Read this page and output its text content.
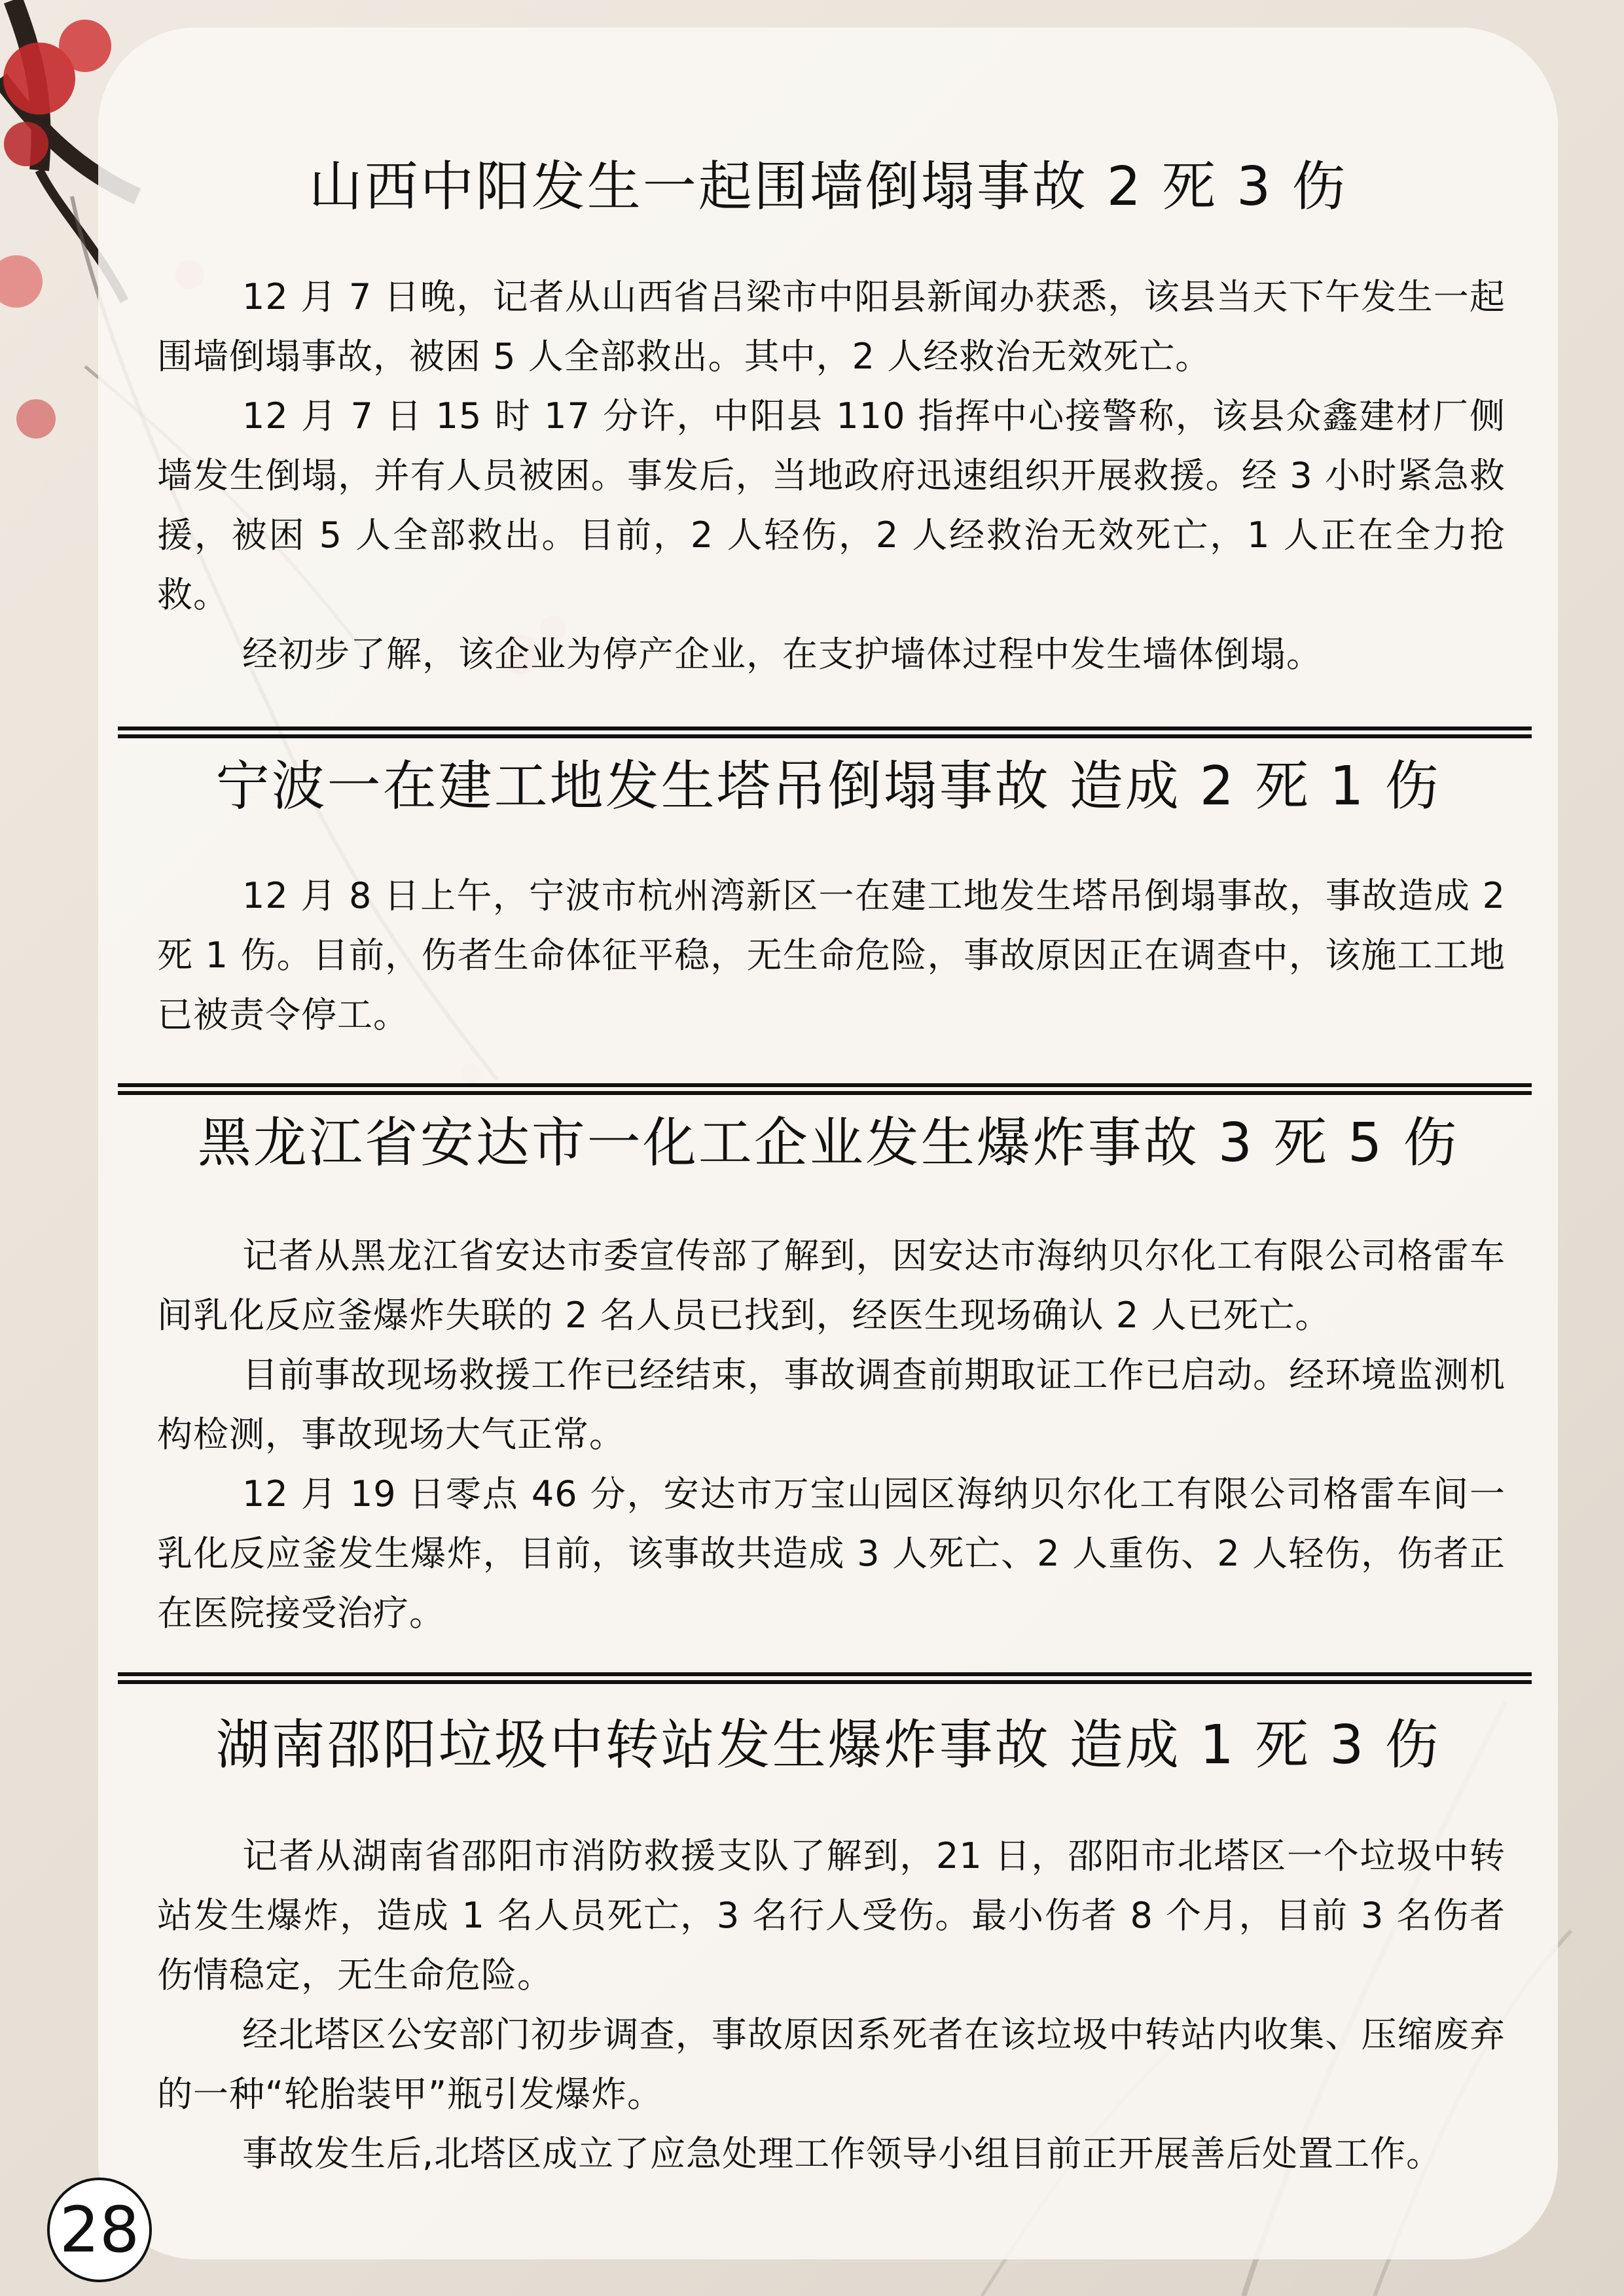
山西中阳发生一起围墙倒塌事故 2 死 3 伤

12 月 7 日晚，记者从山西省吕梁市中阳县新闻办获悉，该县当天下午发生一起围墙倒塌事故，被困 5 人全部救出。其中，2 人经救治无效死亡。

12 月 7 日 15 时 17 分许，中阳县 110 指挥中心接警称，该县众鑫建材厂侧墙发生倒塌，并有人员被困。事发后，当地政府迅速组织开展救援。经 3 小时紧急救援，被困 5 人全部救出。目前，2 人轻伤，2 人经救治无效死亡，1 人正在全力抢救。

经初步了解，该企业为停产企业，在支护墙体过程中发生墙体倒塌。

宁波一在建工地发生塔吊倒塌事故 造成 2 死 1 伤

12 月 8 日上午，宁波市杭州湾新区一在建工地发生塔吊倒塌事故，事故造成 2 死 1 伤。目前，伤者生命体征平稳，无生命危险，事故原因正在调查中，该施工工地已被责令停工。

黑龙江省安达市一化工企业发生爆炸事故 3 死 5 伤

记者从黑龙江省安达市委宣传部了解到，因安达市海纳贝尔化工有限公司格雷车间乳化反应釜爆炸失联的 2 名人员已找到，经医生现场确认 2 人已死亡。

目前事故现场救援工作已经结束，事故调查前期取证工作已启动。经环境监测机构检测，事故现场大气正常。

12 月 19 日零点 46 分，安达市万宝山园区海纳贝尔化工有限公司格雷车间一乳化反应釜发生爆炸，目前，该事故共造成 3 人死亡、2 人重伤、2 人轻伤，伤者正在医院接受治疗。

湖南邵阳垃圾中转站发生爆炸事故 造成 1 死 3 伤

记者从湖南省邵阳市消防救援支队了解到，21 日，邵阳市北塔区一个垃圾中转站发生爆炸，造成 1 名人员死亡，3 名行人受伤。最小伤者 8 个月，目前 3 名伤者伤情稳定，无生命危险。

经北塔区公安部门初步调查，事故原因系死者在该垃圾中转站内收集、压缩废弃的一种“轮胎装甲”瓶引发爆炸。

事故发生后,北塔区成立了应急处理工作领导小组目前正开展善后处置工作。

28
